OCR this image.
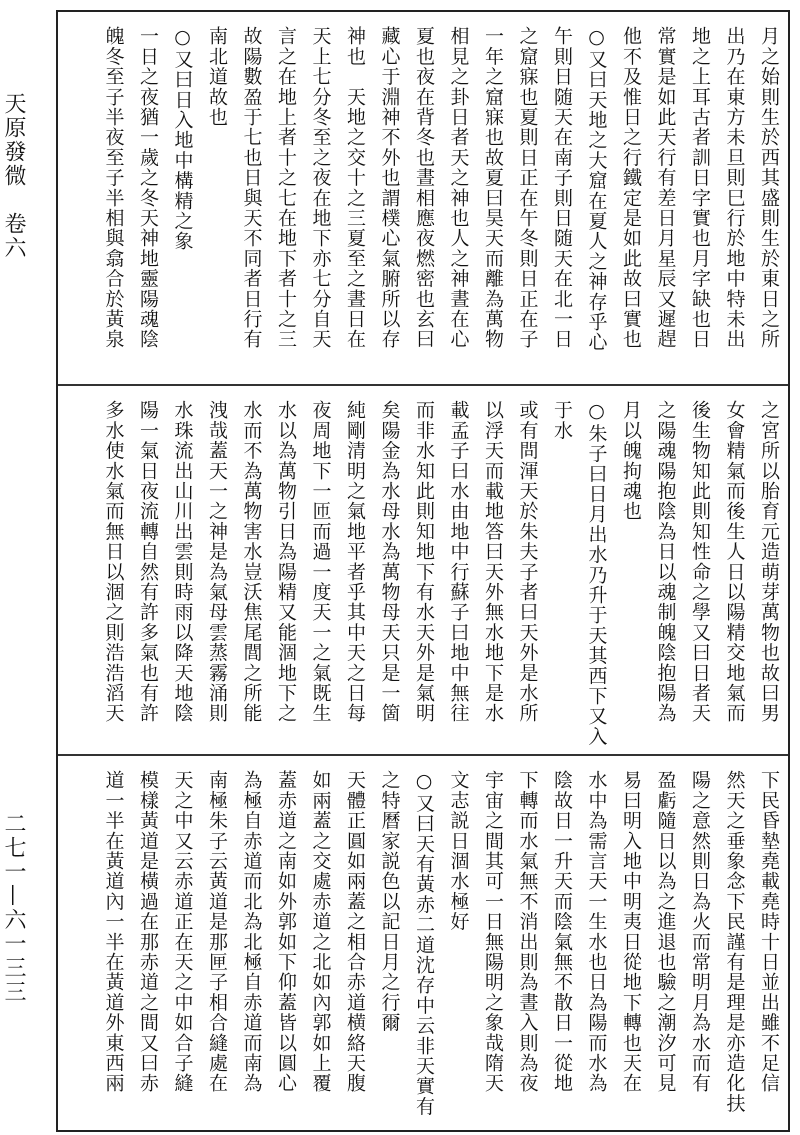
天原發微　卷六
二七一—六一三三
月之始則生於西其盛則生於東日之所
出乃在東方未旦則巳行於地中特未出
地之上耳古者訓日字實也月字缺也日
常實是如此天行有差日月星辰又遲趕
他不及惟日之行鐵定是如此故曰實也
○又曰天地之大窟在夏人之神存乎心
午則日随天在南子則日随天在北一日
之窟寐也夏則日正在午冬則日正在子
一年之窟寐也故夏曰昊天而離為萬物
相見之卦日者天之神也人之神晝在心
夏也夜在背冬也晝相應夜燃密也玄曰
藏心于淵神不外也謂樸心氣腑所以存
神也　天地之交十之三夏至之晝日在
天上七分冬至之夜在地下亦七分自天
言之在地上者十之七在地下者十之三
故陽數盈于七也日與天不同者日行有
南北道故也
○又曰日入地中構精之象
一日之夜猶一歲之冬天神地靈陽魂陰
魄冬至子半夜至子半相與翕合於黃泉
之宮所以胎育元造萌芽萬物也故曰男
女會精氣而後生人日以陽精交地氣而
後生物知此則知性命之學又曰日者天
之陽魂陽抱陰為日以魂制魄陰抱陽為
月以魄拘魂也
○朱子曰日月出水乃升于天其西下又入
于水
或有問渾天於朱夫子者曰天外是水所
以浮天而載地答曰天外無水地下是水
載孟子曰水由地中行蘇子曰地中無往
而非水知此則知地下有水天外是氣明
矣陽金為水母水為萬物母天只是一箇
純剛清明之氣地平者乎其中天之日每
夜周地下一匝而過一度天一之氣既生
水以為萬物引日為陽精又能涸地下之
水而不為萬物害水豈沃焦尾閭之所能
洩哉蓋天一之神是為氣母雲蒸霧涌則
水珠流出山川出雲則時雨以降天地陰
陽一氣日夜流轉自然有許多氣也有許
多水使水氣而無日以涸之則浩浩滔天
下民昏墊堯載堯時十日並出雖不足信
然天之垂象念下民謹有是理是亦造化扶
陽之意然則日為火而常明月為水而有
盈虧隨日以為之進退也驗之潮汐可見
易曰明入地中明夷日從地下轉也天在
水中為需言天一生水也日為陽而水為
陰故日一升天而陰氣無不散日一從地
下轉而水氣無不消出則為晝入則為夜
宇宙之間其可一日無陽明之象哉隋天
文志説日涸水極好
○又曰天有黃赤二道沈存中云非天實有
之特曆家説色以記日月之行爾
天體正圓如兩蓋之相合赤道横絡天腹
如兩蓋之交處赤道之北如內郭如上覆
蓋赤道之南如外郭如下仰蓋皆以圓心
為極自赤道而北為北極自赤道而南為
南極朱子云黃道是那匣子相合縫處在
天之中又云赤道正在天之中如合子縫
模樣黃道是橫過在那赤道之間又曰赤
道一半在黃道內一半在黃道外東西兩
